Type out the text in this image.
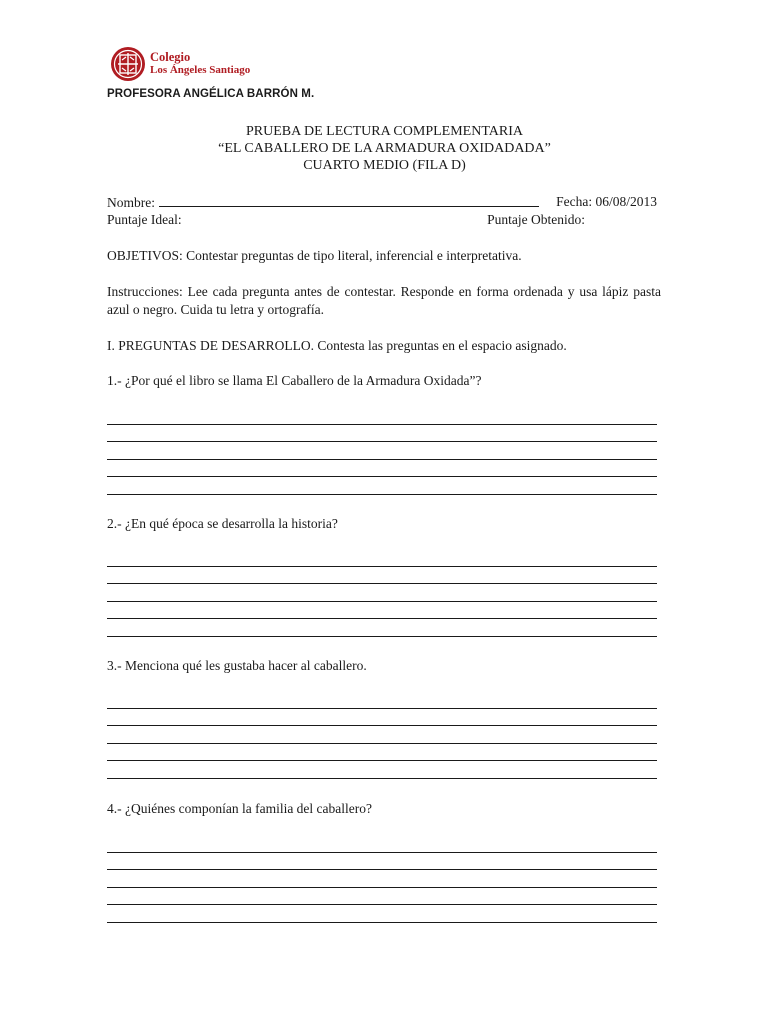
Colegio
Los Ángeles Santiago
PROFESORA ANGÉLICA BARRÓN M.
PRUEBA DE LECTURA COMPLEMENTARIA
“EL CABALLERO DE LA ARMADURA OXIDADADA”
CUARTO MEDIO (FILA D)
Nombre:	Fecha: 06/08/2013
Puntaje Ideal:	Puntaje Obtenido:
OBJETIVOS: Contestar preguntas de tipo literal, inferencial e interpretativa.
Instrucciones: Lee cada pregunta antes de contestar. Responde en forma ordenada y usa lápiz pasta azul o negro. Cuida tu letra y ortografía.
I. PREGUNTAS DE DESARROLLO. Contesta las preguntas en el espacio asignado.
1.- ¿Por qué el libro se llama El Caballero de la Armadura Oxidada”?
2.- ¿En qué época se desarrolla la historia?
3.- Menciona qué les gustaba hacer al caballero.
4.- ¿Quiénes componían la familia del caballero?
